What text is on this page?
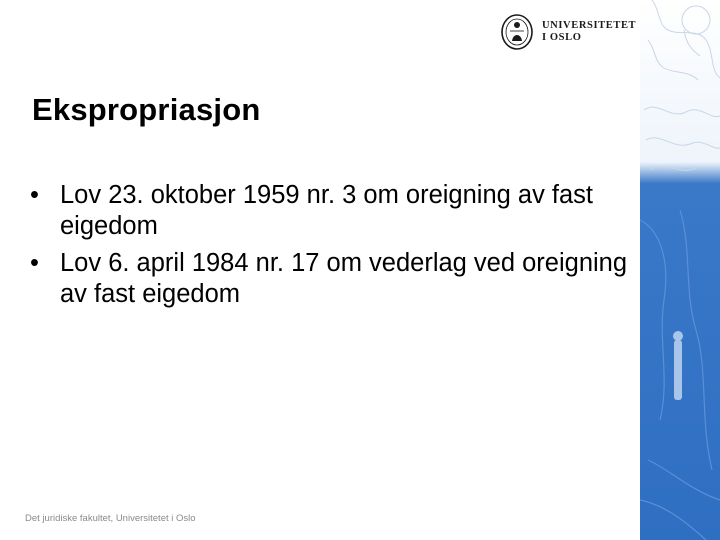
UNIVERSITETET
I OSLO
Ekspropriasjon
• Lov 23. oktober 1959 nr. 3 om oreigning av fast eigedom
• Lov 6. april 1984 nr. 17 om vederlag ved oreigning av fast eigedom
Det juridiske fakultet, Universitetet i Oslo
